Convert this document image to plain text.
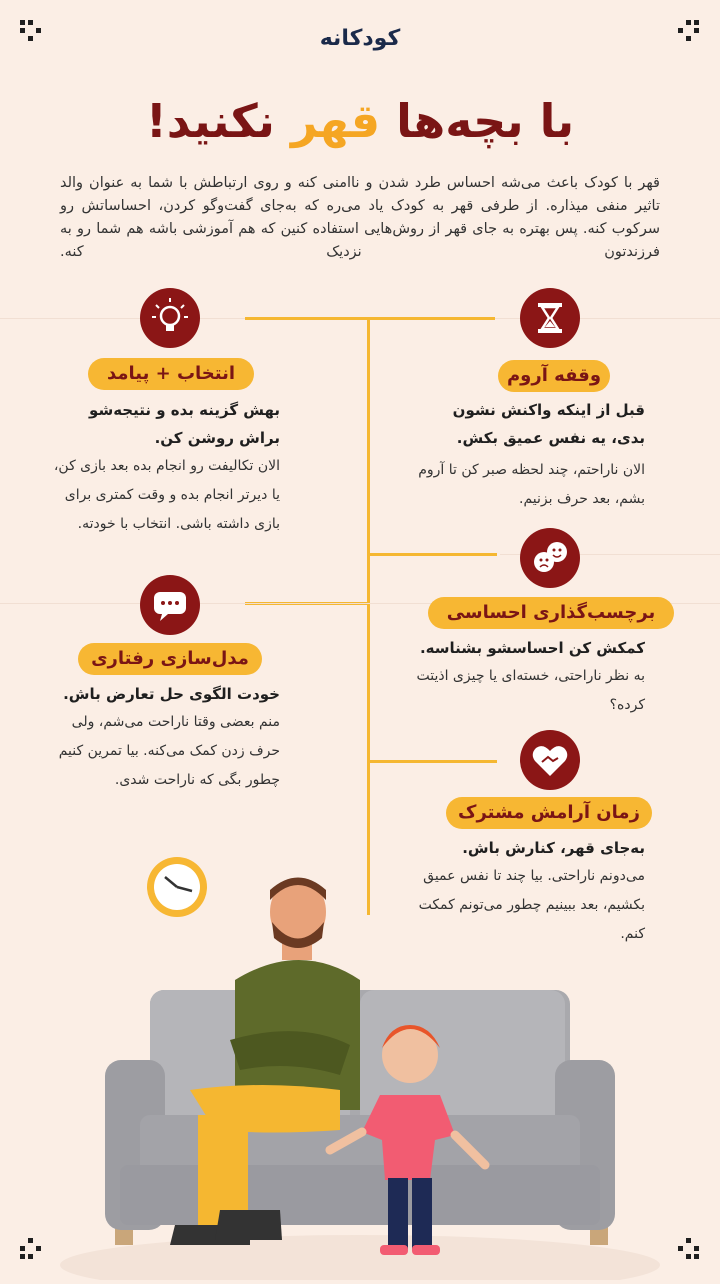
کودکانه
با بچه‌ها قهر نکنید!
قهر با کودک باعث می‌شه احساس طرد شدن و ناامنی کنه و روی ارتباطش با شما به عنوان والد تاثیر منفی میذاره. از طرفی قهر به کودک یاد می‌ره که به‌جای گفت‌وگو کردن، احساساتش رو سرکوب کنه. پس بهتره به جای قهر از روش‌هایی استفاده کنین که هم آموزشی باشه هم شما رو به فرزندتون نزدیک کنه.
وقفه آروم
قبل از اینکه واکنش نشون بدی، یه نفس عمیق بکش.
الان ناراحتم، چند لحظه صبر کن تا آروم بشم، بعد حرف بزنیم.
برچسب‌گذاری احساسی
کمکش کن احساسشو بشناسه.
به نظر ناراحتی، خسته‌ای یا چیزی اذیتت کرده؟
زمان آرامش مشترک
به‌جای قهر، کنارش باش.
می‌دونم ناراحتی. بیا چند تا نفس عمیق بکشیم، بعد ببینیم چطور می‌تونم کمکت کنم.
انتخاب + پیامد
بهش گزینه بده و نتیجه‌شو براش روشن کن.
الان تکالیفت رو انجام بده بعد بازی کن، یا دیرتر انجام بده و وقت کمتری برای بازی داشته باشی. انتخاب با خودته.
مدل‌سازی رفتاری
خودت الگوی حل تعارض باش.
منم بعضی وقتا ناراحت می‌شم، ولی حرف زدن کمک می‌کنه. بیا تمرین کنیم چطور بگی که ناراحت شدی.
